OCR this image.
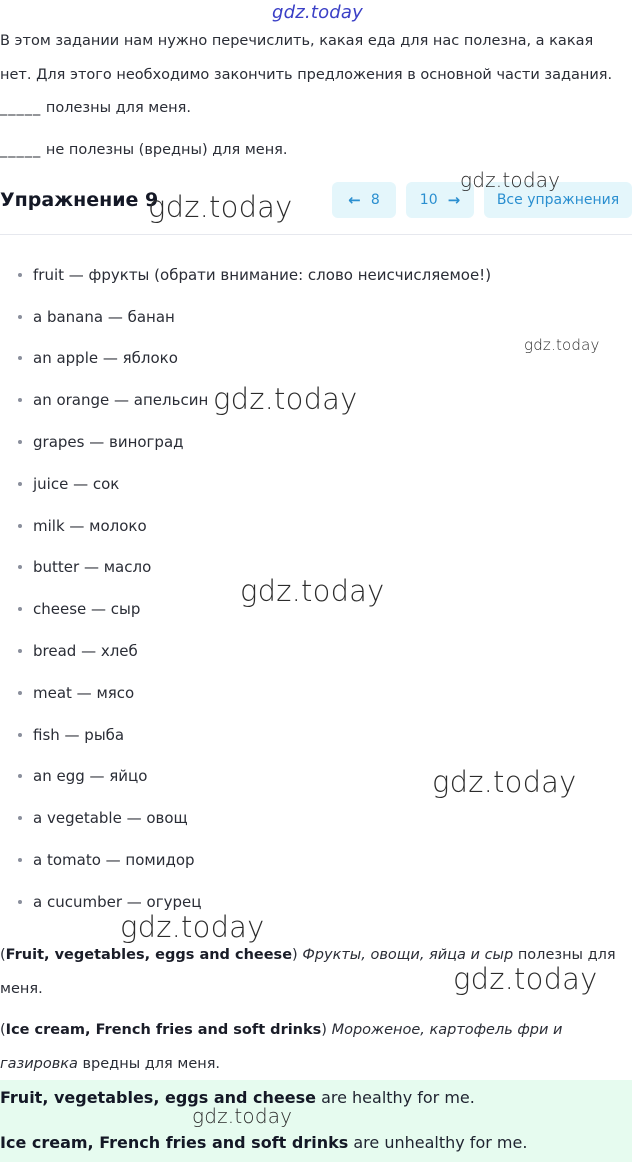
gdz.today
В этом задании нам нужно перечислить, какая еда для нас полезна, а какая
нет. Для этого необходимо закончить предложения в основной части задания.
_____ полезны для меня.
_____ не полезны (вредны) для меня.
Упражнение 9	← 8	10 →	Все упражнения
fruit — фрукты (обрати внимание: слово неисчисляемое!)
a banana — банан
an apple — яблоко
an orange — апельсин
grapes — виноград
juice — сок
milk — молоко
butter — масло
cheese — сыр
bread — хлеб
meat — мясо
fish — рыба
an egg — яйцо
a vegetable — овощ
a tomato — помидор
a cucumber — огурец
(Fruit, vegetables, eggs and cheese) Фрукты, овощи, яйца и сыр полезны для
меня.
(Ice cream, French fries and soft drinks) Мороженое, картофель фри и
газировка вредны для меня.
Fruit, vegetables, eggs and cheese are healthy for me.
Ice cream, French fries and soft drinks are unhealthy for me.
gdz.today
gdz.today
gdz.today
gdz.today
gdz.today
gdz.today
gdz.today
gdz.today
gdz.today
